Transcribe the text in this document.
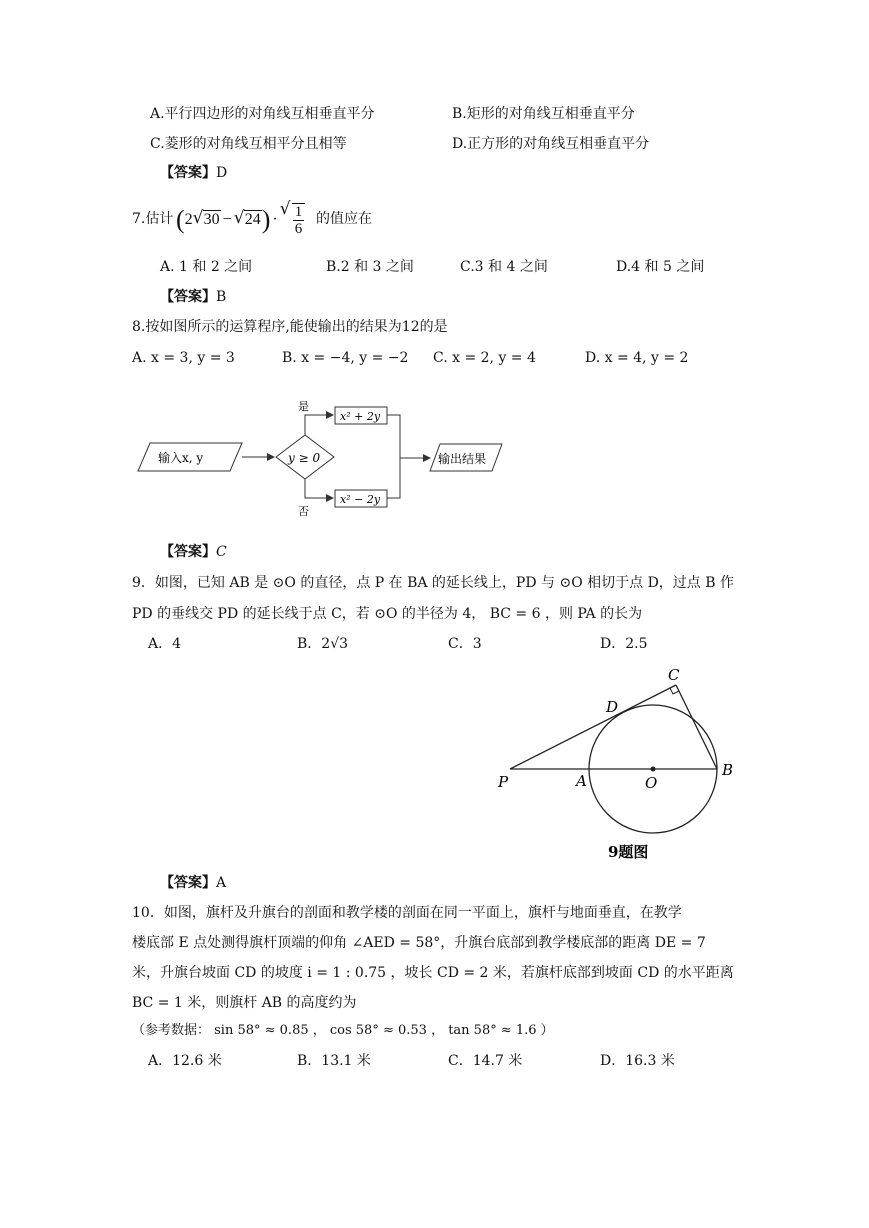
A.平行四边形的对角线互相垂直平分	B.矩形的对角线互相垂直平分
C.菱形的对角线互相平分且相等	D.正方形的对角线互相垂直平分
【答案】D
7.估计 ( 2 √ 30 − √ 24 ) · √ $\frac{1}{6}$ 的值应在
A. 1 和 2 之间	B.2 和 3 之间	C.3 和 4 之间	D.4 和 5 之间
【答案】B
8.按如图所示的运算程序,能使输出的结果为12的是
A. x = 3, y = 3	B. x = −4, y = −2 C. x = 2, y = 4	D. x = 4, y = 2
输入x, y	y ≥ 0
是
x² + 2y
否
x² − 2y
输出结果
【答案】C
9．如图，已知 AB 是 ⊙O 的直径，点 P 在 BA 的延长线上，PD 与 ⊙O 相切于点 D，过点 B 作
PD 的垂线交 PD 的延长线于点 C，若 ⊙O 的半径为 4， BC = 6 ，则 PA 的长为
A．4	B．2√3	C．3	D．2.5
P	A	O
B
C
D
9题图
【答案】A
10．如图，旗杆及升旗台的剖面和教学楼的剖面在同一平面上，旗杆与地面垂直，在教学
楼底部 E 点处测得旗杆顶端的仰角 ∠AED = 58°，升旗台底部到教学楼底部的距离 DE = 7
米，升旗台坡面 CD 的坡度 i = 1 : 0.75 ，坡长 CD = 2 米，若旗杆底部到坡面 CD 的水平距离
BC = 1 米，则旗杆 AB 的高度约为
（参考数据： sin 58° ≈ 0.85 ， cos 58° ≈ 0.53 ， tan 58° ≈ 1.6 ）
A．12.6 米	B．13.1 米	C．14.7 米	D．16.3 米
